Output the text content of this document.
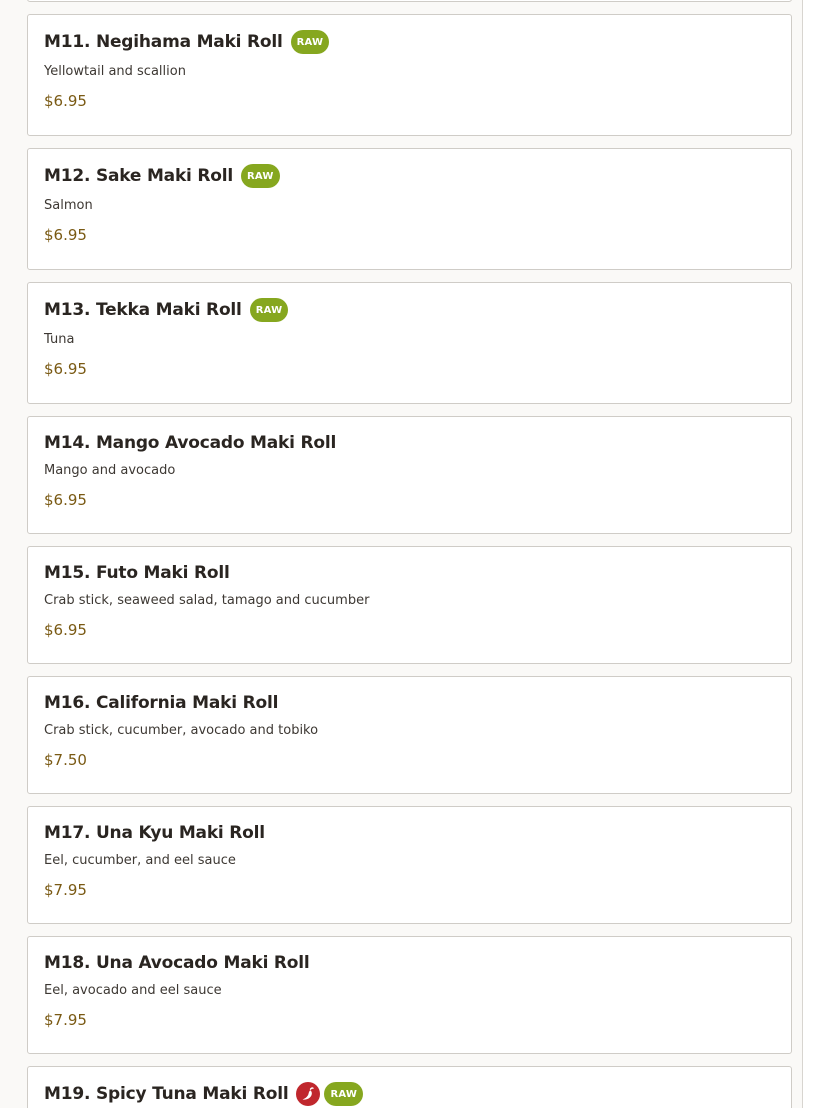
M11. Negihama Maki Roll	RAW
Yellowtail and scallion
$6.95
M12. Sake Maki Roll	RAW
Salmon
$6.95
M13. Tekka Maki Roll	RAW
Tuna
$6.95
M14. Mango Avocado Maki Roll
Mango and avocado
$6.95
M15. Futo Maki Roll
Crab stick, seaweed salad, tamago and cucumber
$6.95
M16. California Maki Roll
Crab stick, cucumber, avocado and tobiko
$7.50
M17. Una Kyu Maki Roll
Eel, cucumber, and eel sauce
$7.95
M18. Una Avocado Maki Roll
Eel, avocado and eel sauce
$7.95
M19. Spicy Tuna Maki Roll	RAW
